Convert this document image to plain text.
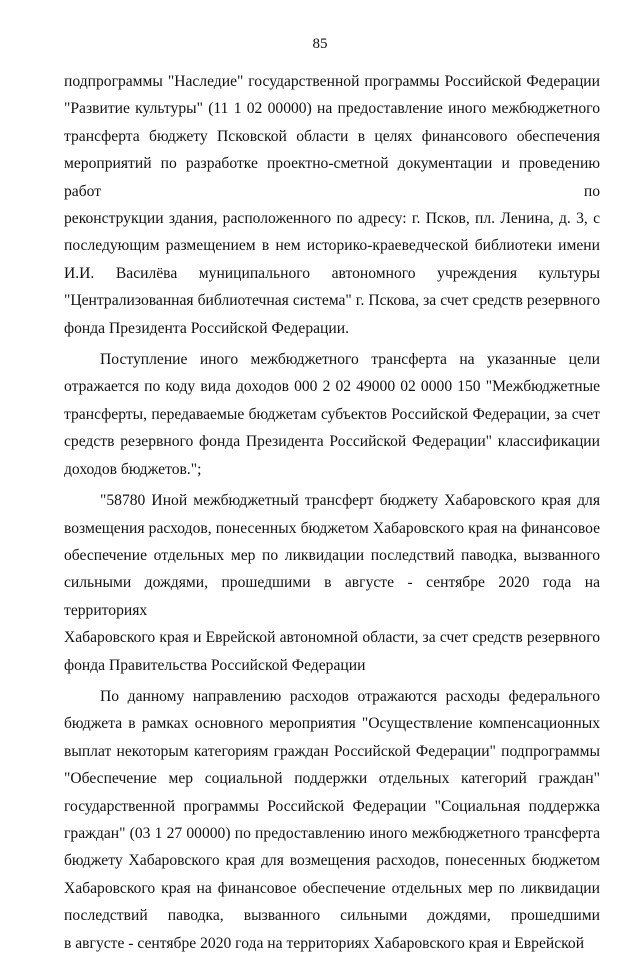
85
подпрограммы "Наследие" государственной программы Российской Федерации
"Развитие культуры" (11 1 02 00000) на предоставление иного межбюджетного
трансферта бюджету Псковской области в целях финансового обеспечения
мероприятий по разработке проектно-сметной документации и проведению работ по
реконструкции здания, расположенного по адресу: г. Псков, пл. Ленина, д. 3, с
последующим размещением в нем историко-краеведческой библиотеки имени
И.И. Василёва муниципального автономного учреждения культуры
"Централизованная библиотечная система" г. Пскова, за счет средств резервного
фонда Президента Российской Федерации.
Поступление иного межбюджетного трансферта на указанные цели
отражается по коду вида доходов 000 2 02 49000 02 0000 150 "Межбюджетные
трансферты, передаваемые бюджетам субъектов Российской Федерации, за счет
средств резервного фонда Президента Российской Федерации" классификации
доходов бюджетов.";
"58780 Иной межбюджетный трансферт бюджету Хабаровского края для
возмещения расходов, понесенных бюджетом Хабаровского края на финансовое
обеспечение отдельных мер по ликвидации последствий паводка, вызванного
сильными дождями, прошедшими в августе - сентябре 2020 года на территориях
Хабаровского края и Еврейской автономной области, за счет средств резервного
фонда Правительства Российской Федерации
По данному направлению расходов отражаются расходы федерального
бюджета в рамках основного мероприятия "Осуществление компенсационных
выплат некоторым категориям граждан Российской Федерации" подпрограммы
"Обеспечение мер социальной поддержки отдельных категорий граждан"
государственной программы Российской Федерации "Социальная поддержка
граждан" (03 1 27 00000) по предоставлению иного межбюджетного трансферта
бюджету Хабаровского края для возмещения расходов, понесенных бюджетом
Хабаровского края на финансовое обеспечение отдельных мер по ликвидации
последствий паводка, вызванного сильными дождями, прошедшими
в августе - сентябре 2020 года на территориях Хабаровского края и Еврейской
